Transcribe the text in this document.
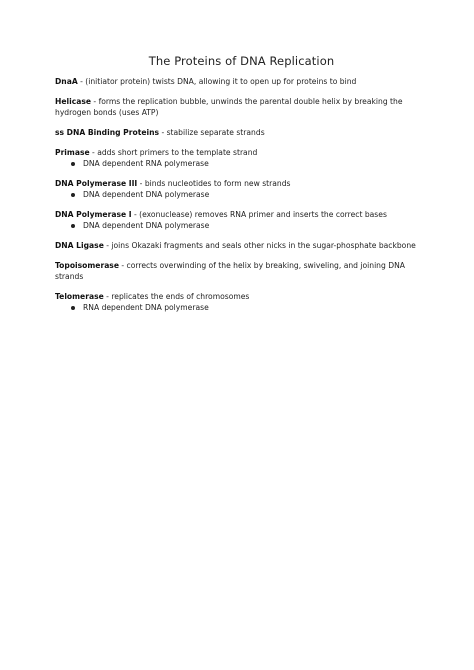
The Proteins of DNA Replication
DnaA - (initiator protein) twists DNA, allowing it to open up for proteins to bind
Helicase - forms the replication bubble, unwinds the parental double helix by breaking the hydrogen bonds (uses ATP)
ss DNA Binding Proteins - stabilize separate strands
Primase - adds short primers to the template strand
DNA dependent RNA polymerase
DNA Polymerase III - binds nucleotides to form new strands
DNA dependent DNA polymerase
DNA Polymerase I - (exonuclease) removes RNA primer and inserts the correct bases
DNA dependent DNA polymerase
DNA Ligase - joins Okazaki fragments and seals other nicks in the sugar-phosphate backbone
Topoisomerase - corrects overwinding of the helix by breaking, swiveling, and joining DNA strands
Telomerase - replicates the ends of chromosomes
RNA dependent DNA polymerase
